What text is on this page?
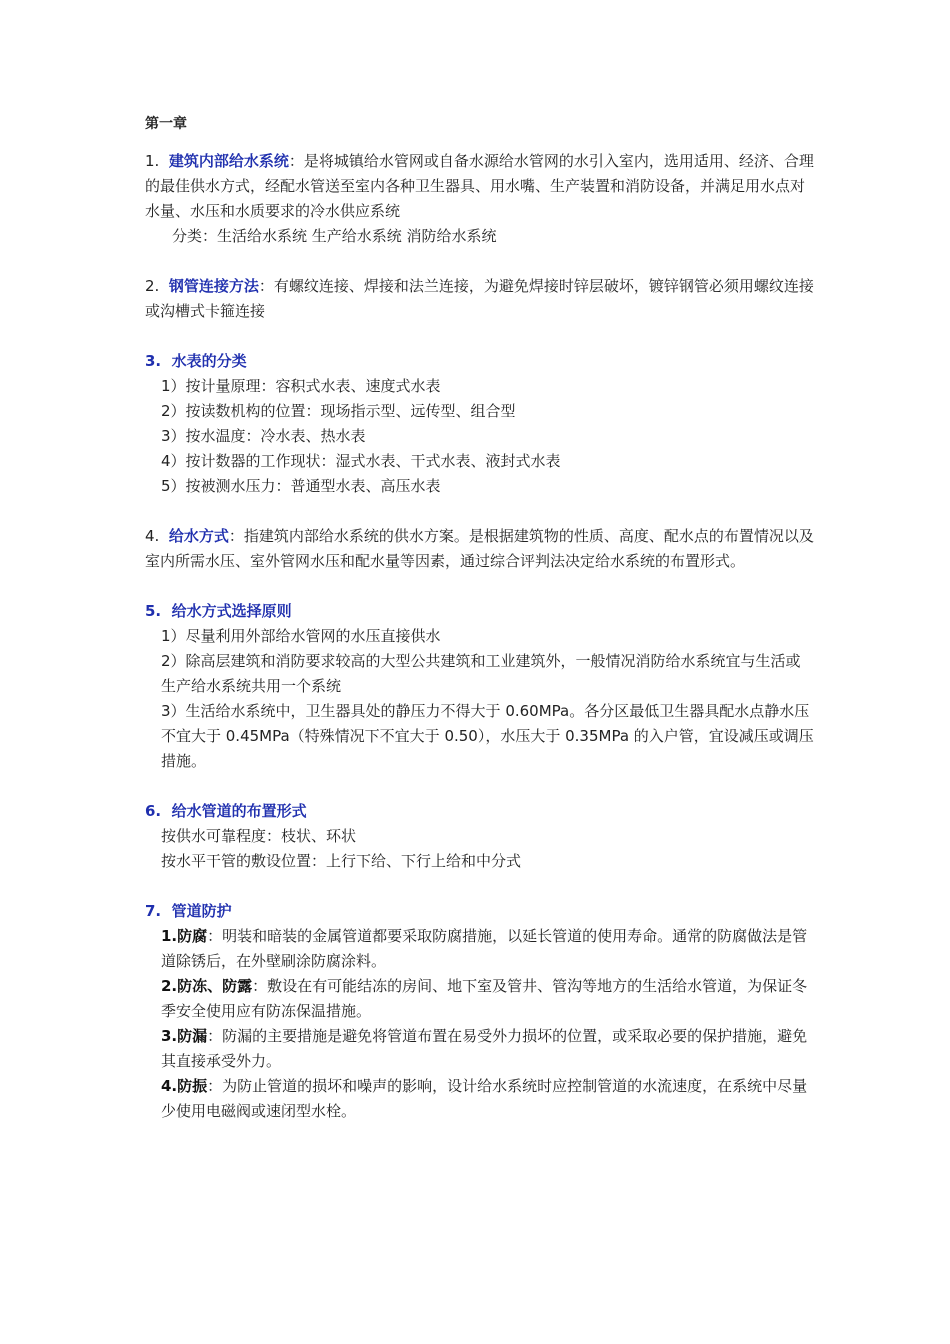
第一章

1. 建筑内部给水系统：是将城镇给水管网或自备水源给水管网的水引入室内，选用适用、经济、合理的最佳供水方式，经配水管送至室内各种卫生器具、用水嘴、生产装置和消防设备，并满足用水点对水量、水压和水质要求的冷水供应系统

分类：生活给水系统 生产给水系统 消防给水系统

2. 钢管连接方法：有螺纹连接、焊接和法兰连接，为避免焊接时锌层破坏，镀锌钢管必须用螺纹连接或沟槽式卡箍连接

3. 水表的分类

1）按计量原理：容积式水表、速度式水表

2）按读数机构的位置：现场指示型、远传型、组合型

3）按水温度：冷水表、热水表

4）按计数器的工作现状：湿式水表、干式水表、液封式水表

5）按被测水压力：普通型水表、高压水表

4. 给水方式：指建筑内部给水系统的供水方案。是根据建筑物的性质、高度、配水点的布置情况以及室内所需水压、室外管网水压和配水量等因素，通过综合评判法决定给水系统的布置形式。

5. 给水方式选择原则

1）尽量利用外部给水管网的水压直接供水

2）除高层建筑和消防要求较高的大型公共建筑和工业建筑外，一般情况消防给水系统宜与生活或生产给水系统共用一个系统

3）生活给水系统中，卫生器具处的静压力不得大于 0.60MPa。各分区最低卫生器具配水点静水压不宜大于 0.45MPa（特殊情况下不宜大于 0.50），水压大于 0.35MPa 的入户管，宜设减压或调压措施。

6. 给水管道的布置形式

按供水可靠程度：枝状、环状

按水平干管的敷设位置：上行下给、下行上给和中分式

7. 管道防护

1.防腐：明装和暗装的金属管道都要采取防腐措施，以延长管道的使用寿命。通常的防腐做法是管道除锈后，在外壁刷涂防腐涂料。

2.防冻、防露：敷设在有可能结冻的房间、地下室及管井、管沟等地方的生活给水管道，为保证冬季安全使用应有防冻保温措施。

3.防漏：防漏的主要措施是避免将管道布置在易受外力损坏的位置，或采取必要的保护措施，避免其直接承受外力。

4.防振：为防止管道的损坏和噪声的影响，设计给水系统时应控制管道的水流速度，在系统中尽量少使用电磁阀或速闭型水栓。
